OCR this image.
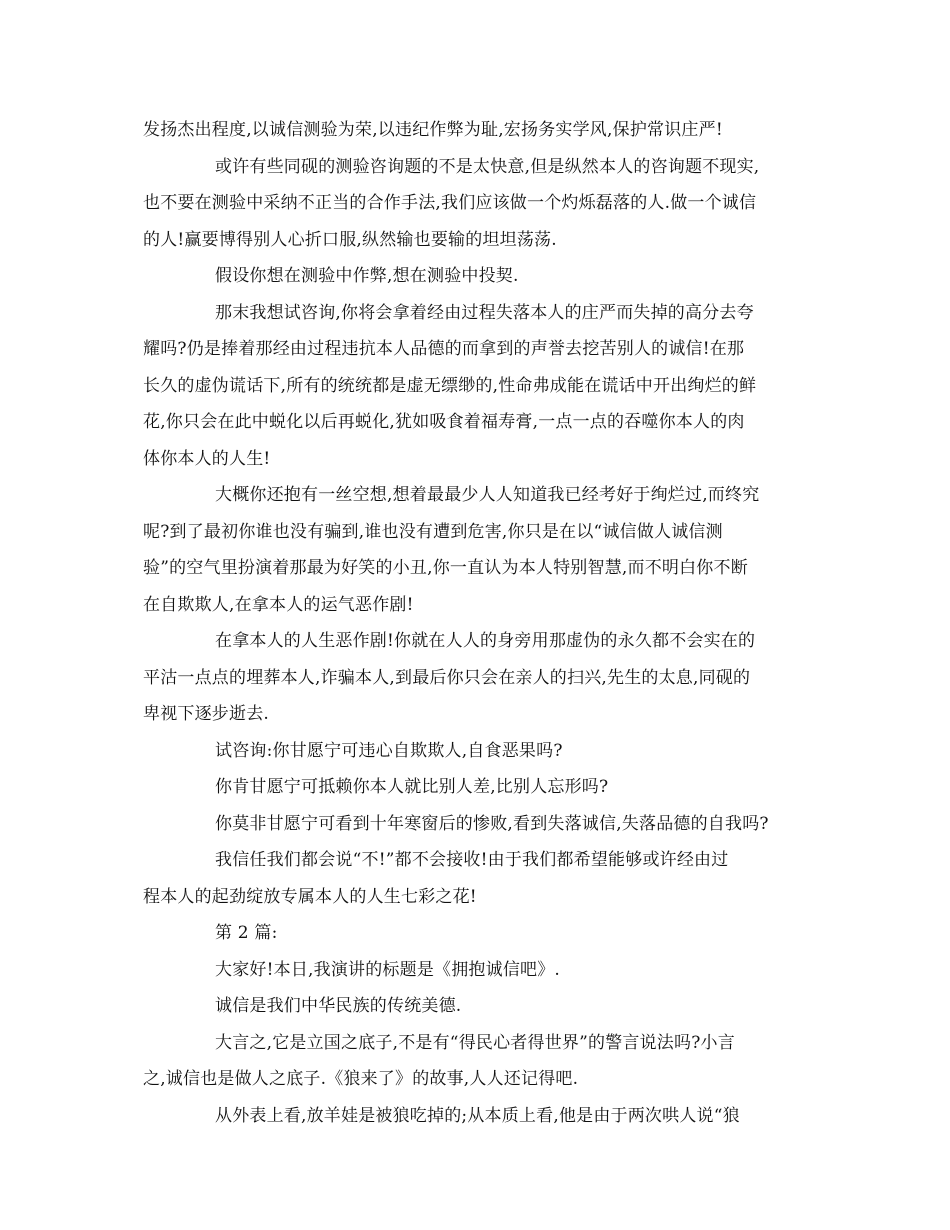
发扬杰出程度,以诚信测验为荣,以违纪作弊为耻,宏扬务实学风,保护常识庄严!
或许有些同砚的测验咨询题的不是太快意,但是纵然本人的咨询题不现实,
也不要在测验中采纳不正当的合作手法,我们应该做一个灼烁磊落的人.做一个诚信
的人!赢要博得别人心折口服,纵然输也要输的坦坦荡荡.
假设你想在测验中作弊,想在测验中投契.
那末我想试咨询,你将会拿着经由过程失落本人的庄严而失掉的高分去夸
耀吗?仍是捧着那经由过程违抗本人品德的而拿到的声誉去挖苦别人的诚信!在那
长久的虚伪谎话下,所有的统统都是虚无缥缈的,性命弗成能在谎话中开出绚烂的鲜
花,你只会在此中蜕化以后再蜕化,犹如吸食着福寿膏,一点一点的吞噬你本人的肉
体你本人的人生!
大概你还抱有一丝空想,想着最最少人人知道我已经考好于绚烂过,而终究
呢?到了最初你谁也没有骗到,谁也没有遭到危害,你只是在以“诚信做人诚信测
验”的空气里扮演着那最为好笑的小丑,你一直认为本人特别智慧,而不明白你不断
在自欺欺人,在拿本人的运气恶作剧!
在拿本人的人生恶作剧!你就在人人的身旁用那虚伪的永久都不会实在的
平沽一点点的埋葬本人,诈骗本人,到最后你只会在亲人的扫兴,先生的太息,同砚的
卑视下逐步逝去.
试咨询:你甘愿宁可违心自欺欺人,自食恶果吗?
你肯甘愿宁可抵赖你本人就比别人差,比别人忘形吗?
你莫非甘愿宁可看到十年寒窗后的惨败,看到失落诚信,失落品德的自我吗?
我信任我们都会说“不!”都不会接收!由于我们都希望能够或许经由过
程本人的起劲绽放专属本人的人生七彩之花!
第 2 篇:
大家好!本日,我演讲的标题是《拥抱诚信吧》.
诚信是我们中华民族的传统美德.
大言之,它是立国之底子,不是有“得民心者得世界”的警言说法吗?小言
之,诚信也是做人之底子.《狼来了》的故事,人人还记得吧.
从外表上看,放羊娃是被狼吃掉的;从本质上看,他是由于两次哄人说“狼
